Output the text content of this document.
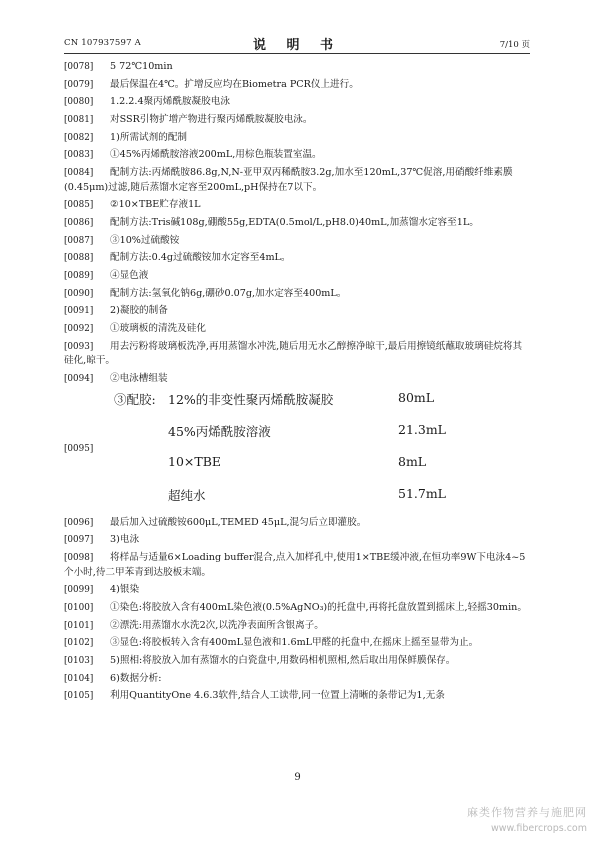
CN 107937597 A	说 明 书	7/10 页
[0078] 5 72℃10min
[0079] 最后保温在4℃。扩增反应均在Biometra PCR仪上进行。
[0080] 1.2.2.4聚丙烯酰胺凝胶电泳
[0081] 对SSR引物扩增产物进行聚丙烯酰胺凝胶电泳。
[0082] 1)所需试剂的配制
[0083] ①45%丙烯酰胺溶液200mL,用棕色瓶装置室温。
[0084]	配制方法:丙烯酰胺86.8g,N,N-亚甲双丙稀酰胺3.2g,加水至120mL,37℃促溶,用硝酸纤维素膜(0.45μm)过滤,随后蒸馏水定容至200mL,pH保持在7以下。
[0085] ②10×TBE贮存液1L
[0086]	配制方法:Tris碱108g,硼酸55g,EDTA(0.5mol/L,pH8.0)40mL,加蒸馏水定容至1L。
[0087] ③10%过硫酸铵
[0088] 配制方法:0.4g过硫酸铵加水定容至4mL。
[0089] ④显色液
[0090] 配制方法:氢氧化钠6g,硼砂0.07g,加水定容至400mL。
[0091] 2)凝胶的制备
[0092] ①玻璃板的清洗及硅化
[0093]	用去污粉将玻璃板洗净,再用蒸馏水冲洗,随后用无水乙醇擦净晾干,最后用擦镜纸蘸取玻璃硅烷将其硅化,晾干。
[0094] ②电泳槽组装
[0095]
③配胶: 12%的非变性聚丙烯酰胺凝胶	80mL
45%丙烯酰胺溶液	21.3mL
10×TBE	8mL
超纯水	51.7mL
[0096] 最后加入过硫酸铵600μL,TEMED 45μL,混匀后立即灌胶。
[0097] 3)电泳
[0098]	将样品与适量6×Loading buffer混合,点入加样孔中,使用1×TBE缓冲液,在恒功率9W下电泳4~5个小时,待二甲苯青到达胶板末端。
[0099] 4)银染
[0100]	①染色:将胶放入含有400mL染色液(0.5%AgNO₃)的托盘中,再将托盘放置到摇床上,轻摇30min。
[0101] ②漂洗:用蒸馏水水洗2次,以洗净表面所含银离子。
[0102]	③显色:将胶板转入含有400mL显色液和1.6mL甲醛的托盘中,在摇床上摇至显带为止。
[0103]	5)照相:将胶放入加有蒸馏水的白瓷盘中,用数码相机照相,然后取出用保鲜膜保存。
[0104] 6)数据分析:
[0105] 利用QuantityOne 4.6.3软件,结合人工读带,同一位置上清晰的条带记为1,无条
9
麻类作物营养与施肥网
www.fibercrops.com
